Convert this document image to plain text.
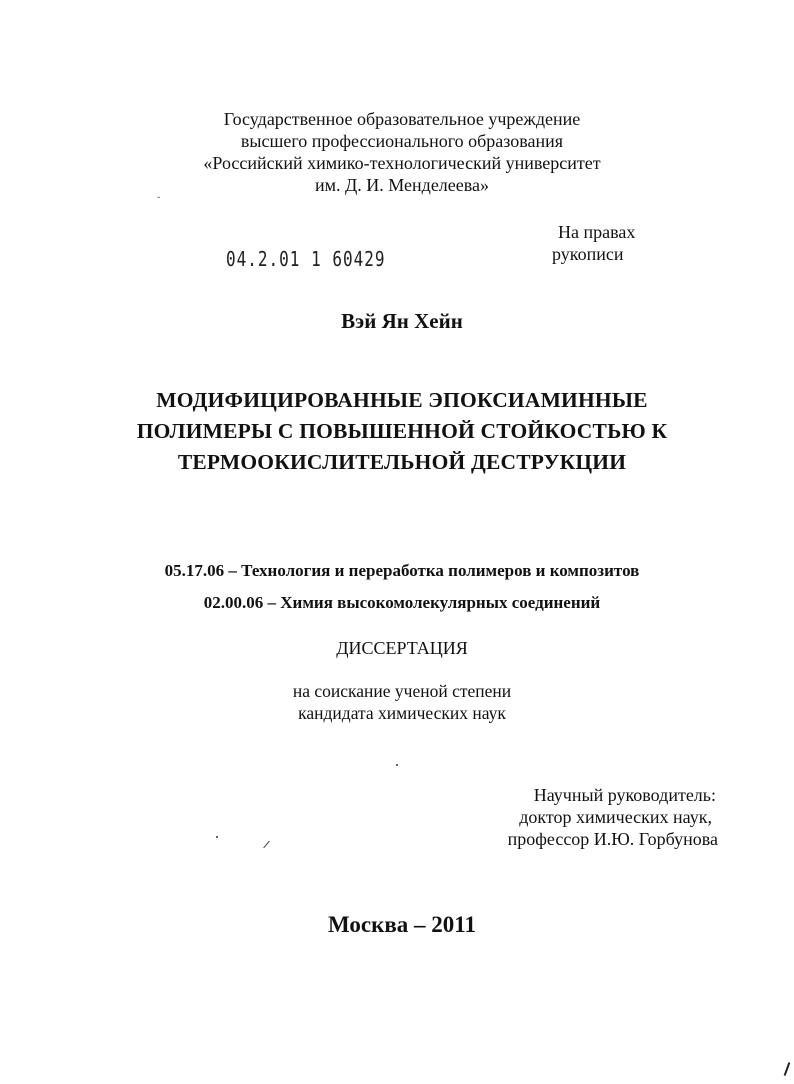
Государственное образовательное учреждение
высшего профессионального образования
«Российский химико-технологический университет
им. Д. И. Менделеева»
ˇ
На правах
рукописи
04.2.01 1 60429
Вэй Ян Хейн
МОДИФИЦИРОВАННЫЕ ЭПОКСИАМИННЫЕ
ПОЛИМЕРЫ С ПОВЫШЕННОЙ СТОЙКОСТЬЮ К
ТЕРМООКИСЛИТЕЛЬНОЙ ДЕСТРУКЦИИ
05.17.06 – Технология и переработка полимеров и композитов
02.00.06 – Химия высокомолекулярных соединений
ДИССЕРТАЦИЯ
на соискание ученой степени
кандидата химических наук
Научный руководитель:
доктор химических наук,
профессор И.Ю. Горбунова
Москва – 2011
